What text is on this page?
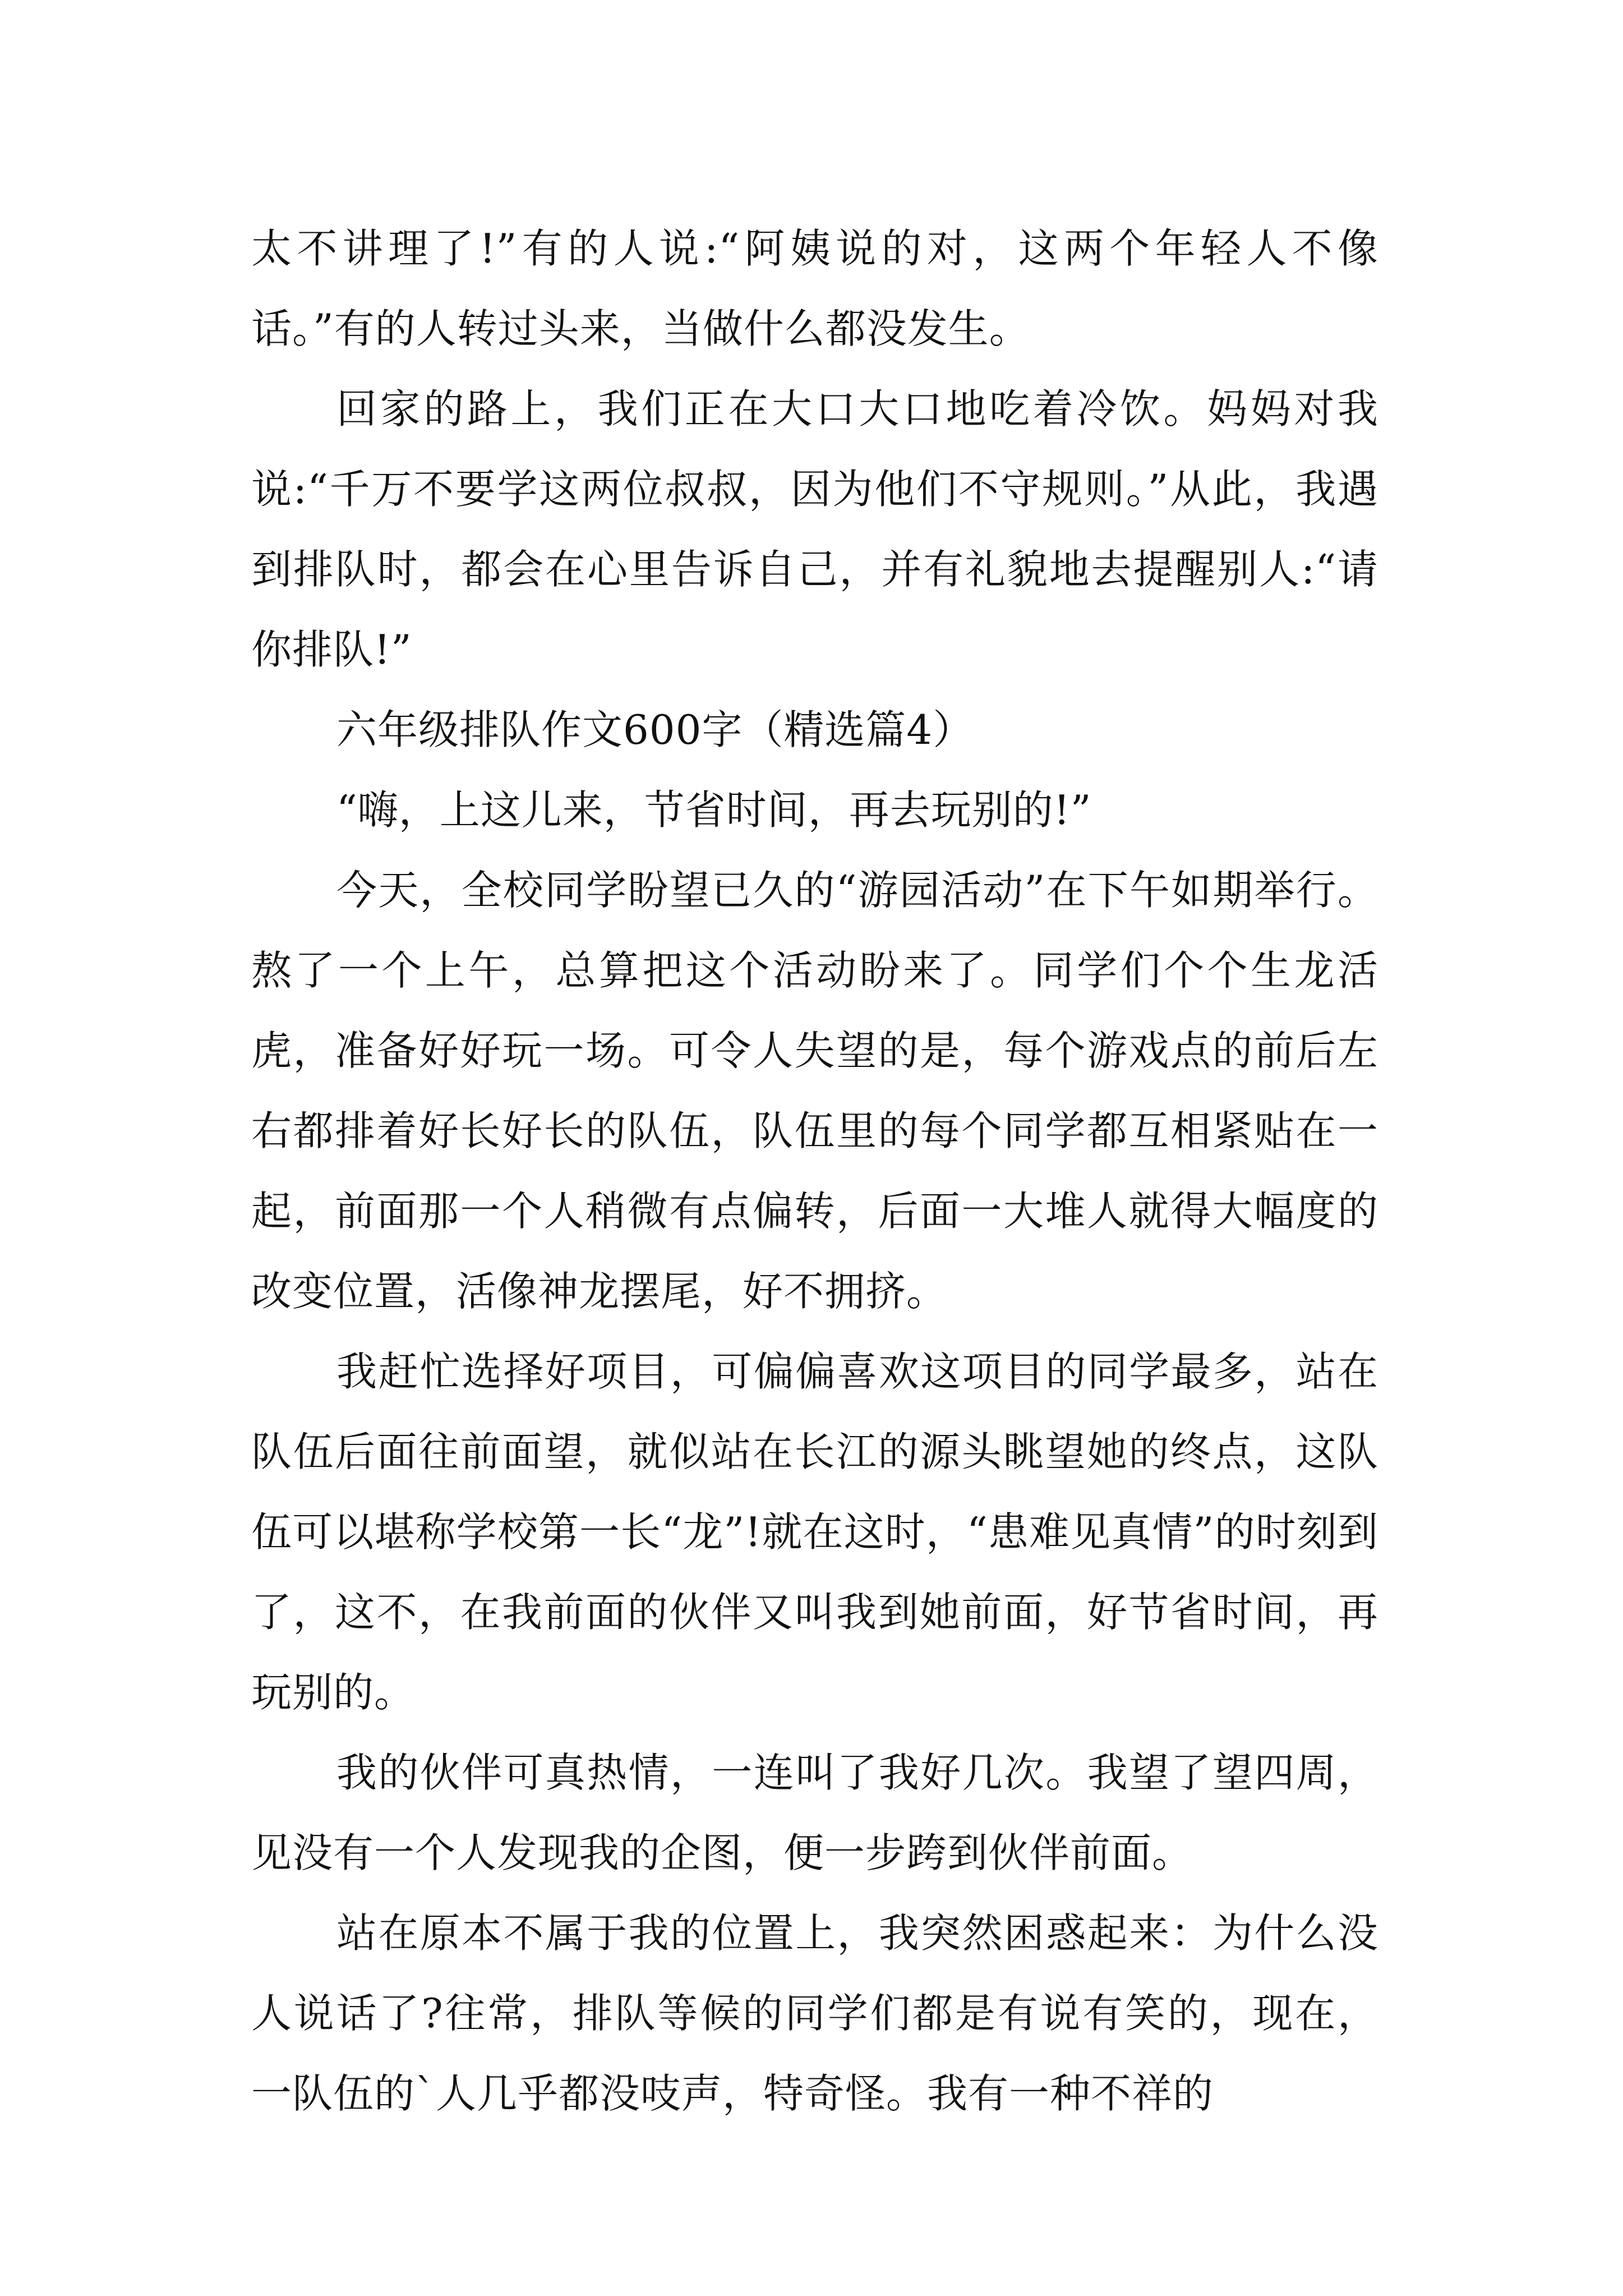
太不讲理了!”有的人说:“阿姨说的对，这两个年轻人不像话。”有的人转过头来，当做什么都没发生。

回家的路上，我们正在大口大口地吃着冷饮。妈妈对我说:“千万不要学这两位叔叔，因为他们不守规则。”从此，我遇到排队时，都会在心里告诉自己，并有礼貌地去提醒别人:“请你排队!”

六年级排队作文600字（精选篇4）

“嗨，上这儿来，节省时间，再去玩别的!”

今天，全校同学盼望已久的“游园活动”在下午如期举行。熬了一个上午，总算把这个活动盼来了。同学们个个生龙活虎，准备好好玩一场。可令人失望的是，每个游戏点的前后左右都排着好长好长的队伍，队伍里的每个同学都互相紧贴在一起，前面那一个人稍微有点偏转，后面一大堆人就得大幅度的改变位置，活像神龙摆尾，好不拥挤。

我赶忙选择好项目，可偏偏喜欢这项目的同学最多，站在队伍后面往前面望，就似站在长江的源头眺望她的终点，这队伍可以堪称学校第一长“龙”!就在这时，“患难见真情”的时刻到了，这不，在我前面的伙伴又叫我到她前面，好节省时间，再玩别的。

我的伙伴可真热情，一连叫了我好几次。我望了望四周，见没有一个人发现我的企图，便一步跨到伙伴前面。

站在原本不属于我的位置上，我突然困惑起来：为什么没人说话了?往常，排队等候的同学们都是有说有笑的，现在，一队伍的`人几乎都没吱声，特奇怪。我有一种不祥的
